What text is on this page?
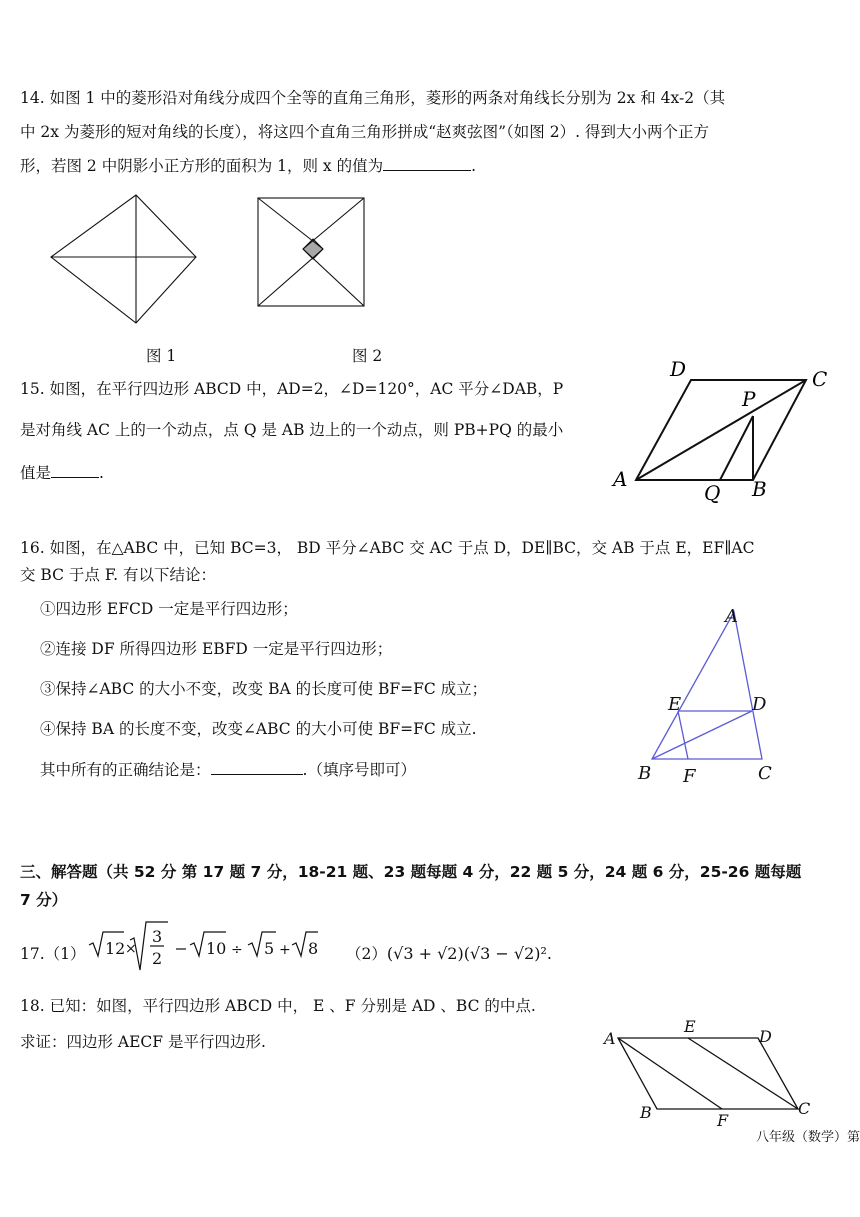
14. 如图 1 中的菱形沿对角线分成四个全等的直角三角形，菱形的两条对角线长分别为 2x 和 4x-2（其
中 2x 为菱形的短对角线的长度），将这四个直角三角形拼成“赵爽弦图”（如图 2）. 得到大小两个正方
形，若图 2 中阴影小正方形的面积为 1，则 x 的值为	.
图 1	图 2
15. 如图，在平行四边形 ABCD 中，AD=2，∠D=120°，AC 平分∠DAB，P
是对角线 AC 上的一个动点，点 Q 是 AB 边上的一个动点，则 PB+PQ 的最小
值是	.
D	C
P
A
Q B
16. 如图，在△ABC 中，已知 BC=3， BD 平分∠ABC 交 AC 于点 D，DE∥BC，交 AB 于点 E，EF∥AC
交 BC 于点 F. 有以下结论：
①四边形 EFCD 一定是平行四边形；
②连接 DF 所得四边形 EBFD 一定是平行四边形；
③保持∠ABC 的大小不变，改变 BA 的长度可使 BF=FC 成立；
④保持 BA 的长度不变，改变∠ABC 的大小可使 BF=FC 成立.
其中所有的正确结论是：	.（填序号即可）
A
E	D
B F	C
三、解答题（共 52 分 第 17 题 7 分，18-21 题、23 题每题 4 分，22 题 5 分，24 题 6 分，25-26 题每题
7 分）
17.（1） 12 ×
3
2
10 ÷ 5 + 8 （2）(√3 + √2)(√3 − √2)².
18. 已知：如图，平行四边形 ABCD 中， E 、F 分别是 AD 、BC 的中点.
求证：四边形 AECF 是平行四边形.	A
E
D
B	F
C
八年级（数学）第
